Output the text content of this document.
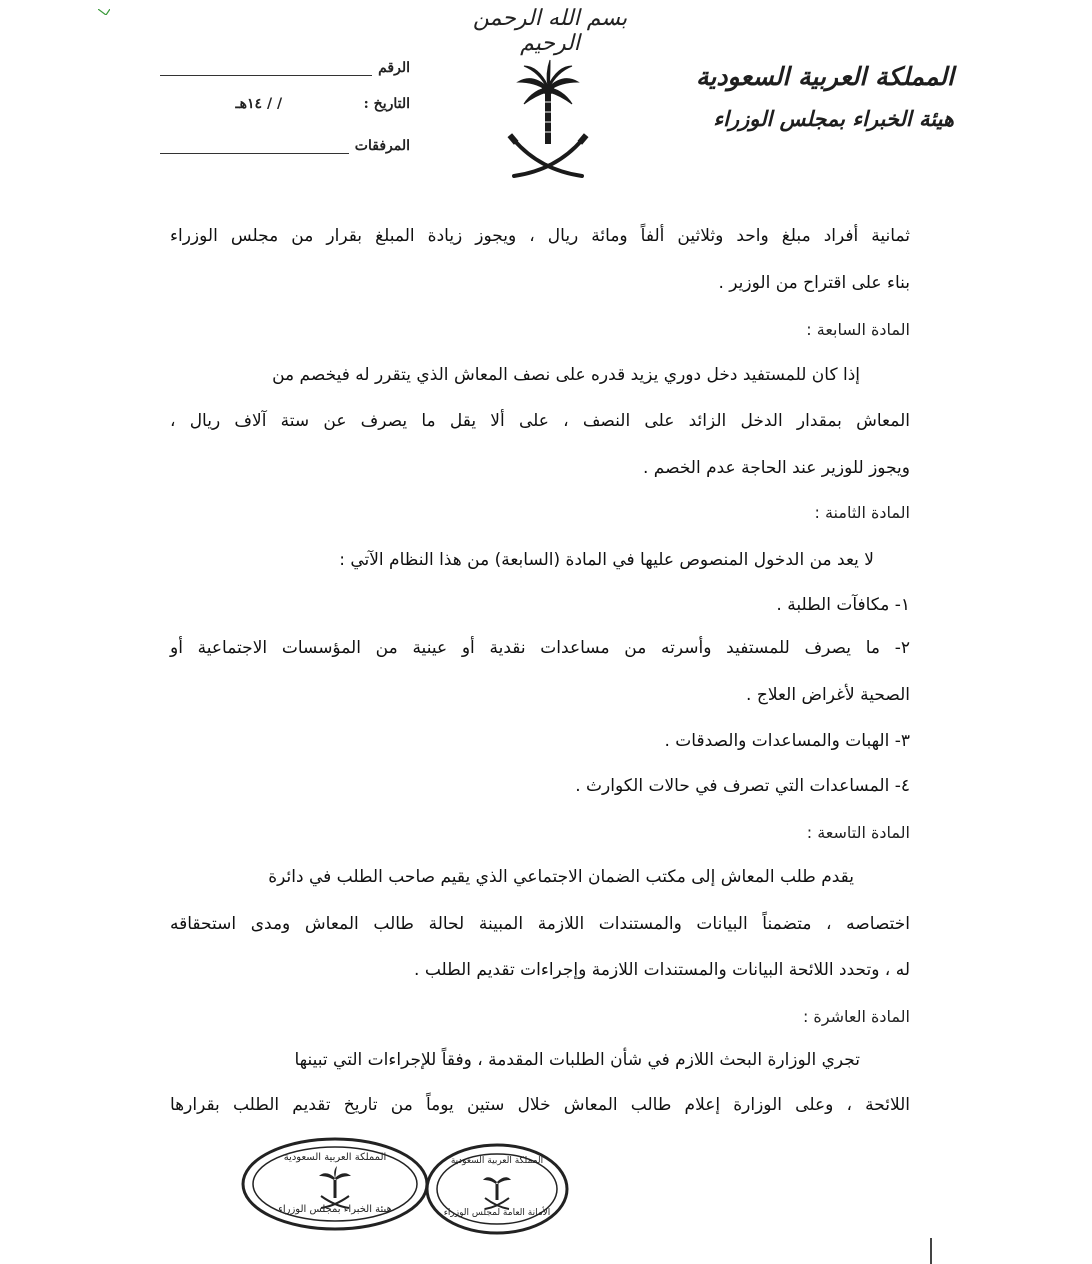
بسم الله الرحمن الرحيم
المملكة العربية السعودية
هيئة الخبراء بمجلس الوزراء
الرقم
التاريخ :
/ / ١٤هـ
المرفقات
ثمانية أفراد مبلغ واحد وثلاثين ألفاً ومائة ريال ، ويجوز زيادة المبلغ بقرار من مجلس الوزراء
بناء على اقتراح من الوزير .
المادة السابعة :
إذا كان للمستفيد دخل دوري يزيد قدره على نصف المعاش الذي يتقرر له فيخصم من
المعاش بمقدار الدخل الزائد على النصف ، على ألا يقل ما يصرف عن ستة آلاف ريال ،
ويجوز للوزير عند الحاجة عدم الخصم .
المادة الثامنة :
لا يعد من الدخول المنصوص عليها في المادة (السابعة) من هذا النظام الآتي :
١- مكافآت الطلبة .
٢- ما يصرف للمستفيد وأسرته من مساعدات نقدية أو عينية من المؤسسات الاجتماعية أو
الصحية لأغراض العلاج .
٣- الهبات والمساعدات والصدقات .
٤- المساعدات التي تصرف في حالات الكوارث .
المادة التاسعة :
يقدم طلب المعاش إلى مكتب الضمان الاجتماعي الذي يقيم صاحب الطلب في دائرة
اختصاصه ، متضمناً البيانات والمستندات اللازمة المبينة لحالة طالب المعاش ومدى استحقاقه
له ، وتحدد اللائحة البيانات والمستندات اللازمة وإجراءات تقديم الطلب .
المادة العاشرة :
تجري الوزارة البحث اللازم في شأن الطلبات المقدمة ، وفقاً للإجراءات التي تبينها
اللائحة ، وعلى الوزارة إعلام طالب المعاش خلال ستين يوماً من تاريخ تقديم الطلب بقرارها
المملكة العربية السعودية
هيئة الخبراء بمجلس الوزراء
المملكة العربية السعودية
الأمانة العامة لمجلس الوزراء
